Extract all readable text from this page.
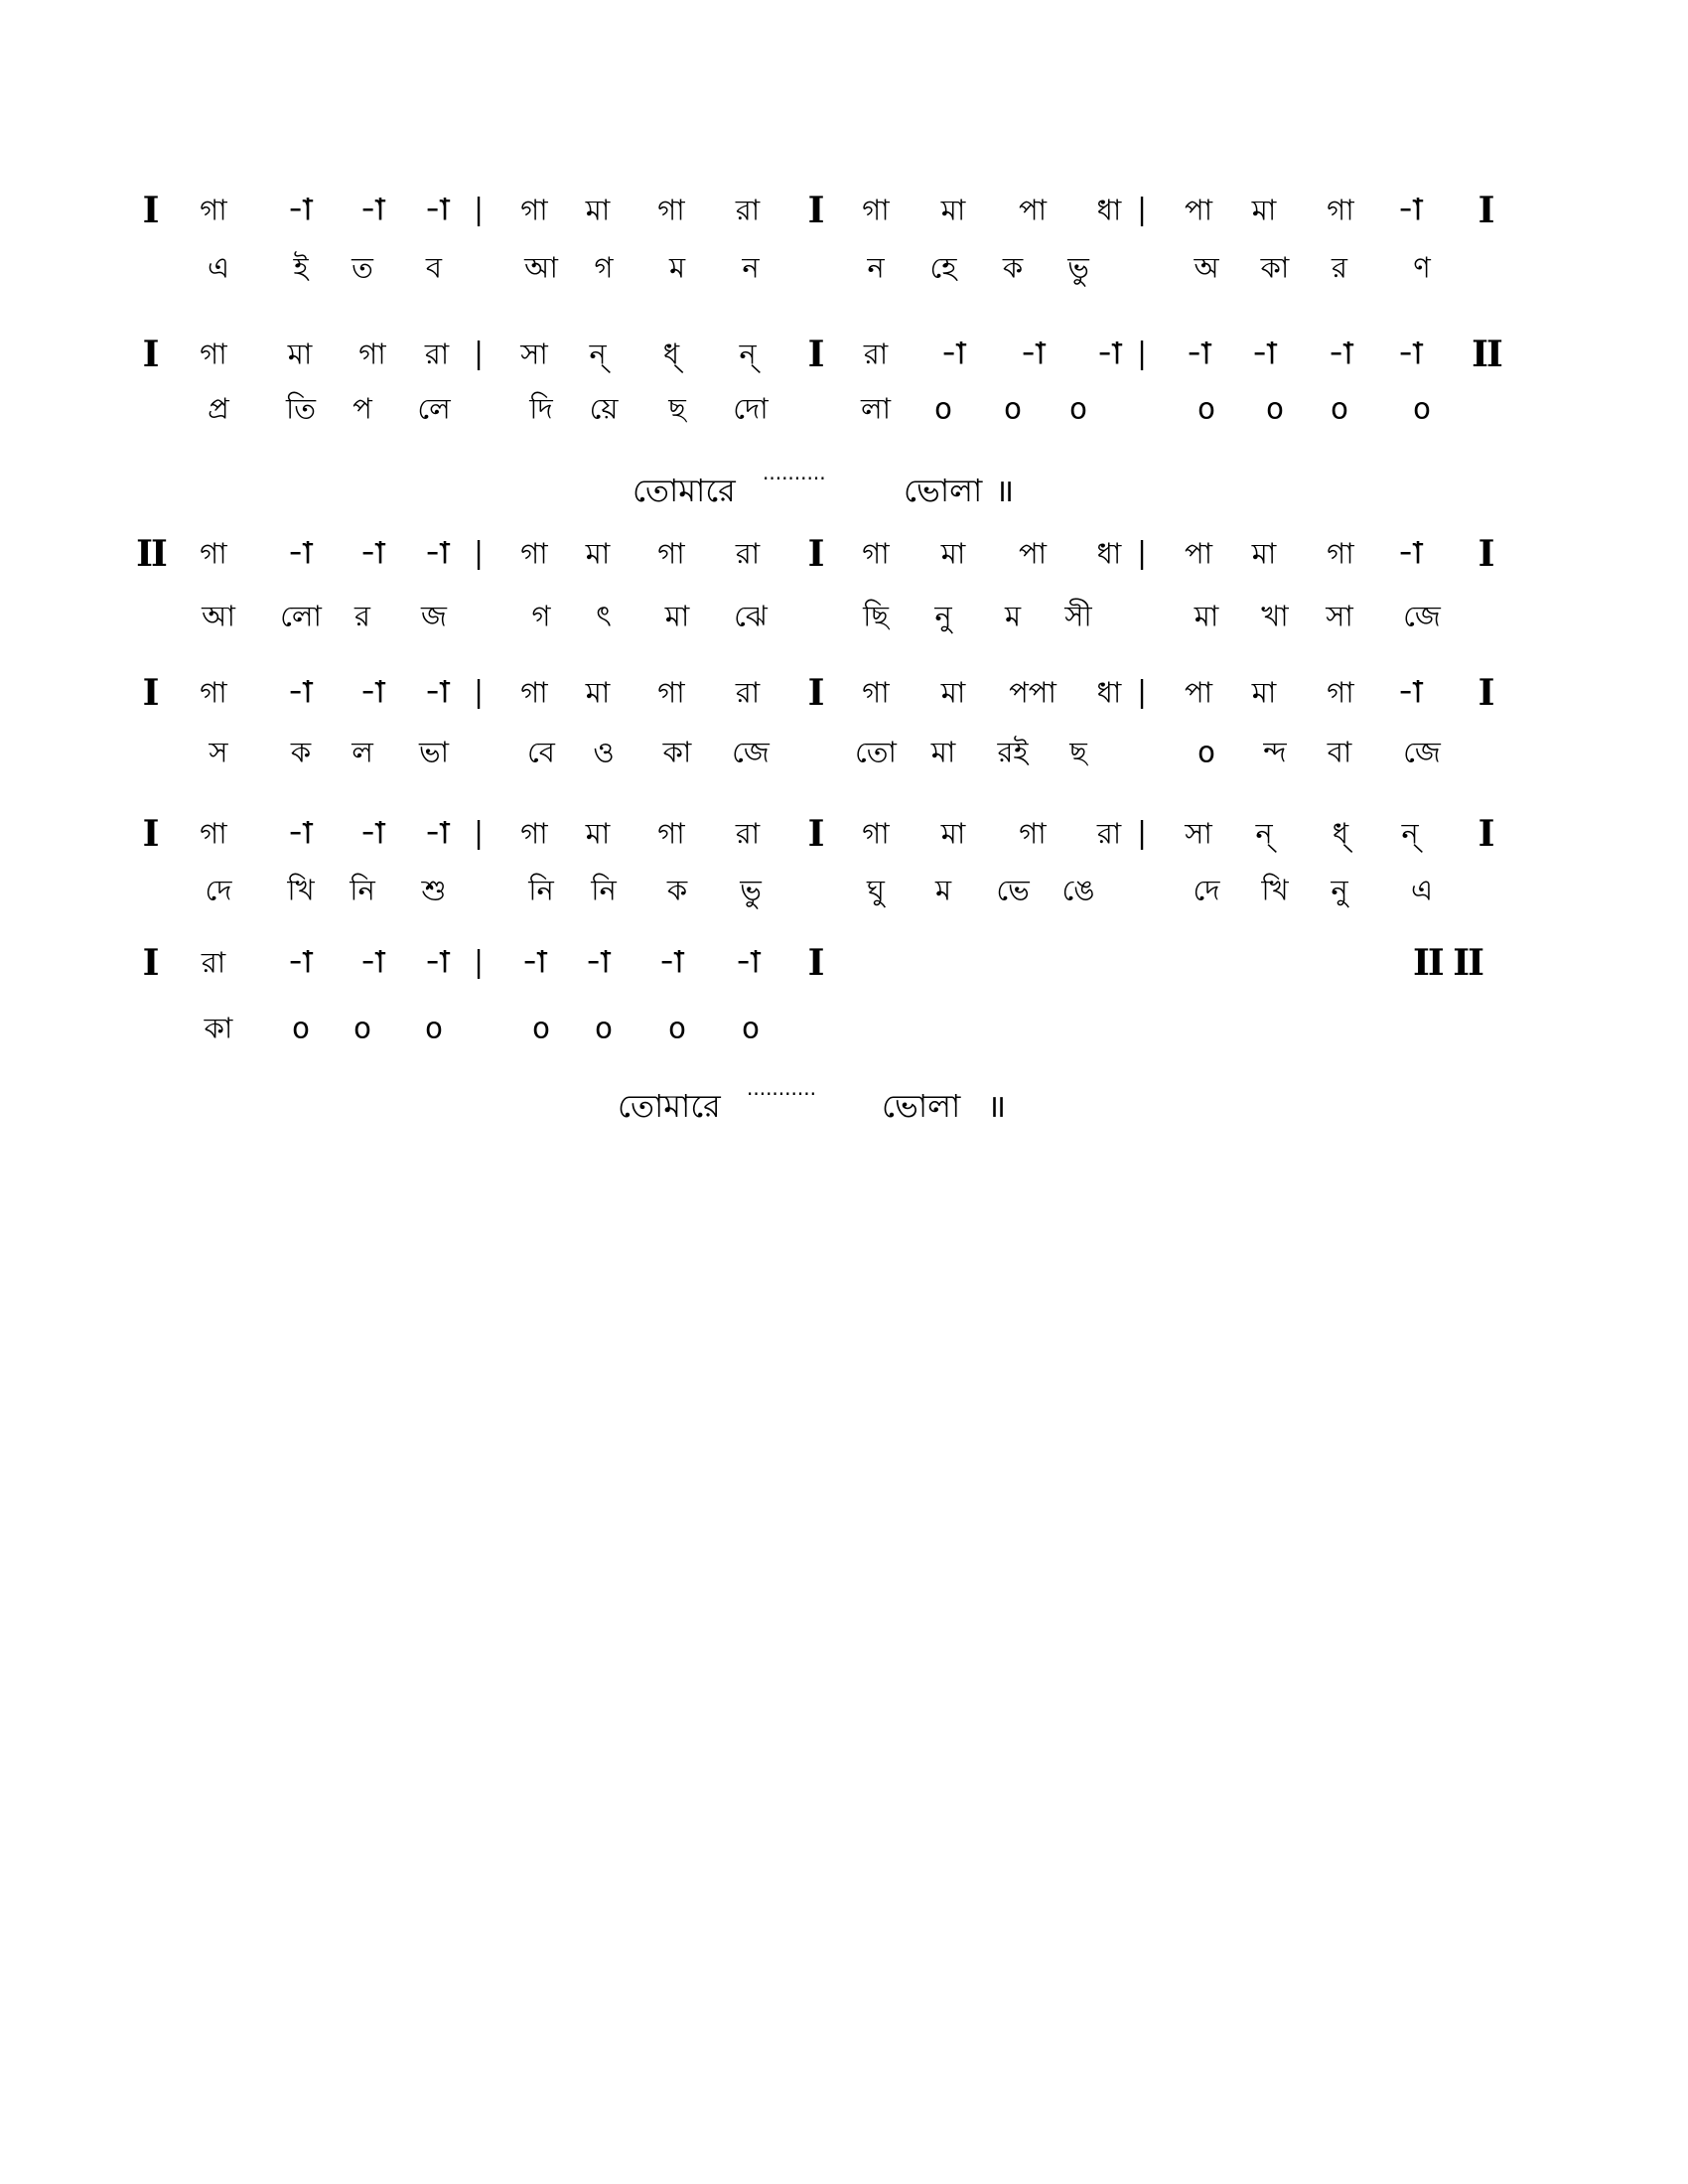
I গা -া -া -া | গা মা গা রা I গা মা পা ধা | পা মা গা -া I
এ ই ত ব	আ গ ম ন	ন হে ক ভু	অ কা র ণ
I গা মা গা রা | সা ন্ ধ্ ন্ I রা -া -া -া | -া -া -া -া II
প্র তি প লে	দি য়ে ছ দো	লা o o o	o o o o
II গা -া -া -া | গা মা গা রা I গা মা পা ধা | পা মা গা -া I
আ লো র জ	গ ৎ মা ঝে	ছি নু ম সী	মা খা সা জে
I গা -া -া -া | গা মা গা রা I গা মা পপা ধা | পা মা গা -া I
স ক ল ভা	বে ও কা জে	তো মা রই ছ	o ন্দ বা জে
I গা -া -া -া | গা মা গা রা I গা মা গা রা | সা ন্ ধ্ ন্ I
দে খি নি শু	নি নি ক ভু	ঘু ম ভে ঙে	দে খি নু এ
I রা -া -া -া | -া -া -া -া I	II II
কা o o o	o o o o
তোমারে ·········· ভোলা ॥
তোমারে ··········· ভোলা ॥
